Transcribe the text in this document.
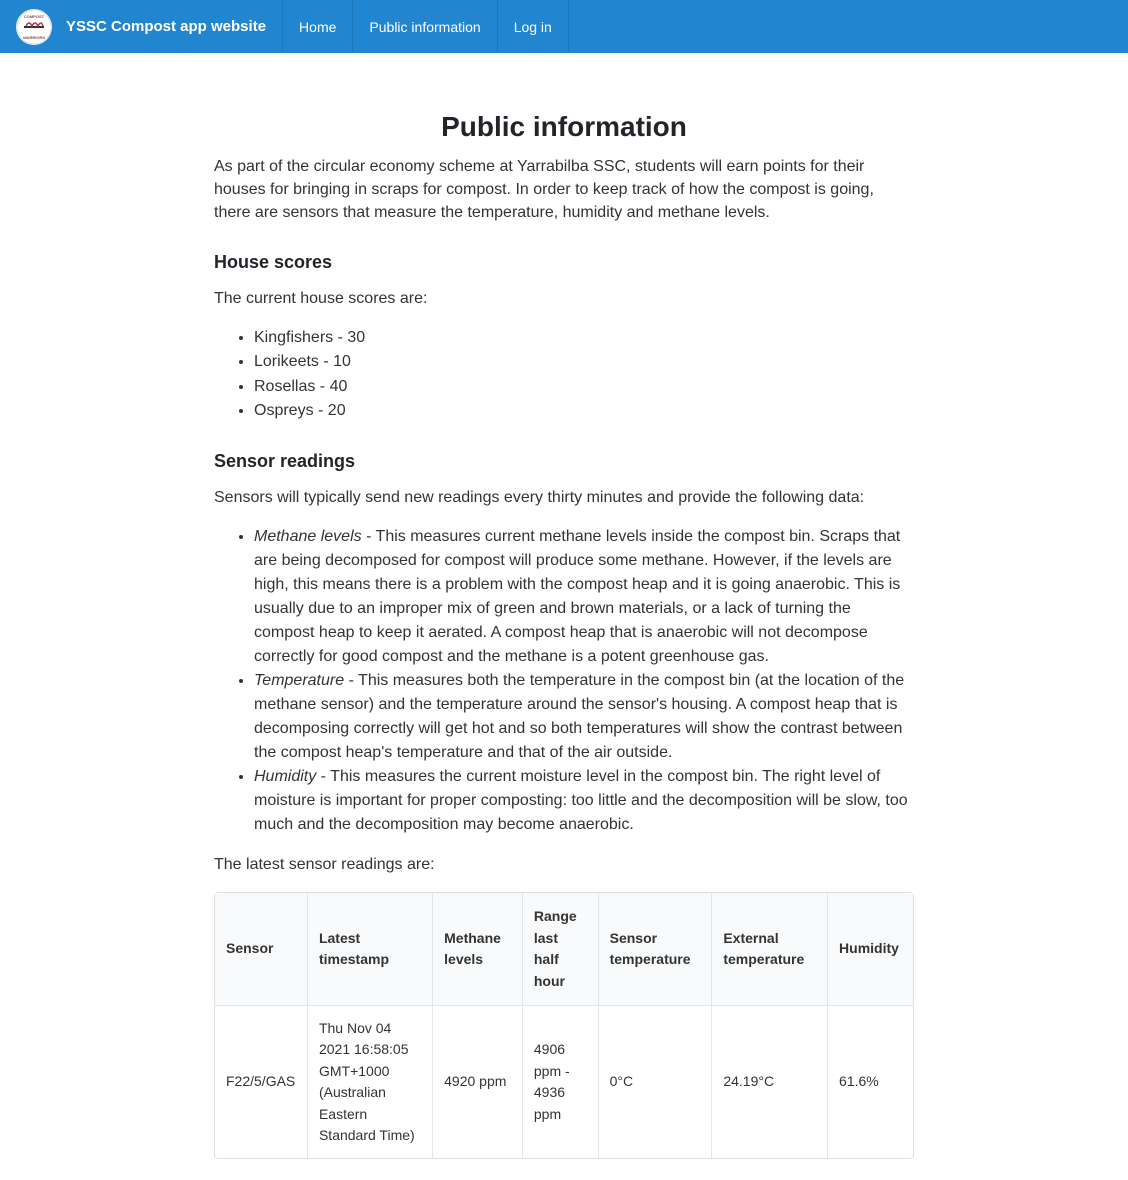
COMPOST
WARRIORS
YSSC Compost app website	Home	Public information	Log in
Public information

As part of the circular economy scheme at Yarrabilba SSC, students will earn points for their houses for bringing in scraps for compost. In order to keep track of how the compost is going, there are sensors that measure the temperature, humidity and methane levels.

House scores

The current house scores are:

• Kingfishers - 30
• Lorikeets - 10
• Rosellas - 40
• Ospreys - 20
Sensor readings

Sensors will typically send new readings every thirty minutes and provide the following data:

• Methane levels - This measures current methane levels inside the compost bin. Scraps that are being decomposed for compost will produce some methane. However, if the levels are high, this means there is a problem with the compost heap and it is going anaerobic. This is usually due to an improper mix of green and brown materials, or a lack of turning the compost heap to keep it aerated. A compost heap that is anaerobic will not decompose correctly for good compost and the methane is a potent greenhouse gas.
• Temperature - This measures both the temperature in the compost bin (at the location of the methane sensor) and the temperature around the sensor's housing. A compost heap that is decomposing correctly will get hot and so both temperatures will show the contrast between the compost heap's temperature and that of the air outside.
• Humidity - This measures the current moisture level in the compost bin. The right level of moisture is important for proper composting: too little and the decomposition will be slow, too much and the decomposition may become anaerobic.

The latest sensor readings are:

Sensor	Latest timestamp	Methane levels	Range last half hour	Sensor temperature	External temperature	Humidity
F22/5/GAS	Thu Nov 04 2021 16:58:05 GMT+1000 (Australian Eastern Standard Time)	4920 ppm	4906 ppm - 4936 ppm	0°C	24.19°C	61.6%
